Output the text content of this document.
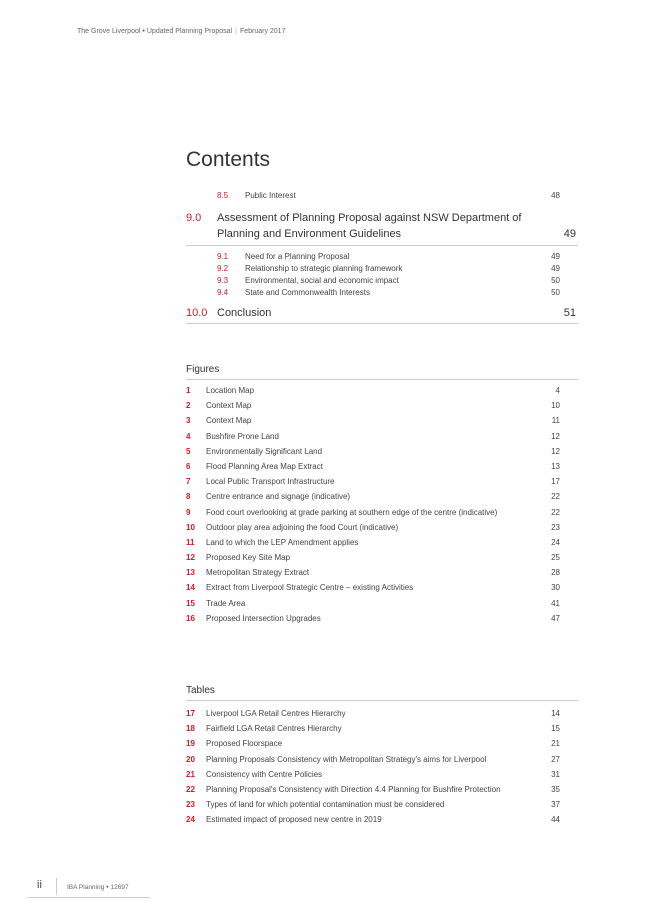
The Grove Liverpool • Updated Planning Proposal | February 2017
Contents
8.5 Public Interest	48
9.0 Assessment of Planning Proposal against NSW Department of Planning and Environment Guidelines	49
9.1 Need for a Planning Proposal	49
9.2 Relationship to strategic planning framework	49
9.3 Environmental, social and economic impact	50
9.4 State and Commonwealth Interests	50
10.0 Conclusion	51
Figures
1 Location Map	4
2 Context Map	10
3 Context Map	11
4 Bushfire Prone Land	12
5 Environmentally Significant Land	12
6 Flood Planning Area Map Extract	13
7 Local Public Transport Infrastructure	17
8 Centre entrance and signage (indicative)	22
9 Food court overlooking at grade parking at southern edge of the centre (indicative)	22
10 Outdoor play area adjoining the food Court (indicative)	23
11 Land to which the LEP Amendment applies	24
12 Proposed Key Site Map	25
13 Metropolitan Strategy Extract	28
14 Extract from Liverpool Strategic Centre – existing Activities	30
15 Trade Area	41
16 Proposed Intersection Upgrades	47
Tables
17 Liverpool LGA Retail Centres Hierarchy	14
18 Fairfield LGA Retail Centres Hierarchy	15
19 Proposed Floorspace	21
20 Planning Proposals Consistency with Metropolitan Strategy's aims for Liverpool	27
21 Consistency with Centre Policies	31
22 Planning Proposal's Consistency with Direction 4.4 Planning for Bushfire Protection	35
23 Types of land for which potential contamination must be considered	37
24 Estimated impact of proposed new centre in 2019	44
ii	IBA Planning • 12697
